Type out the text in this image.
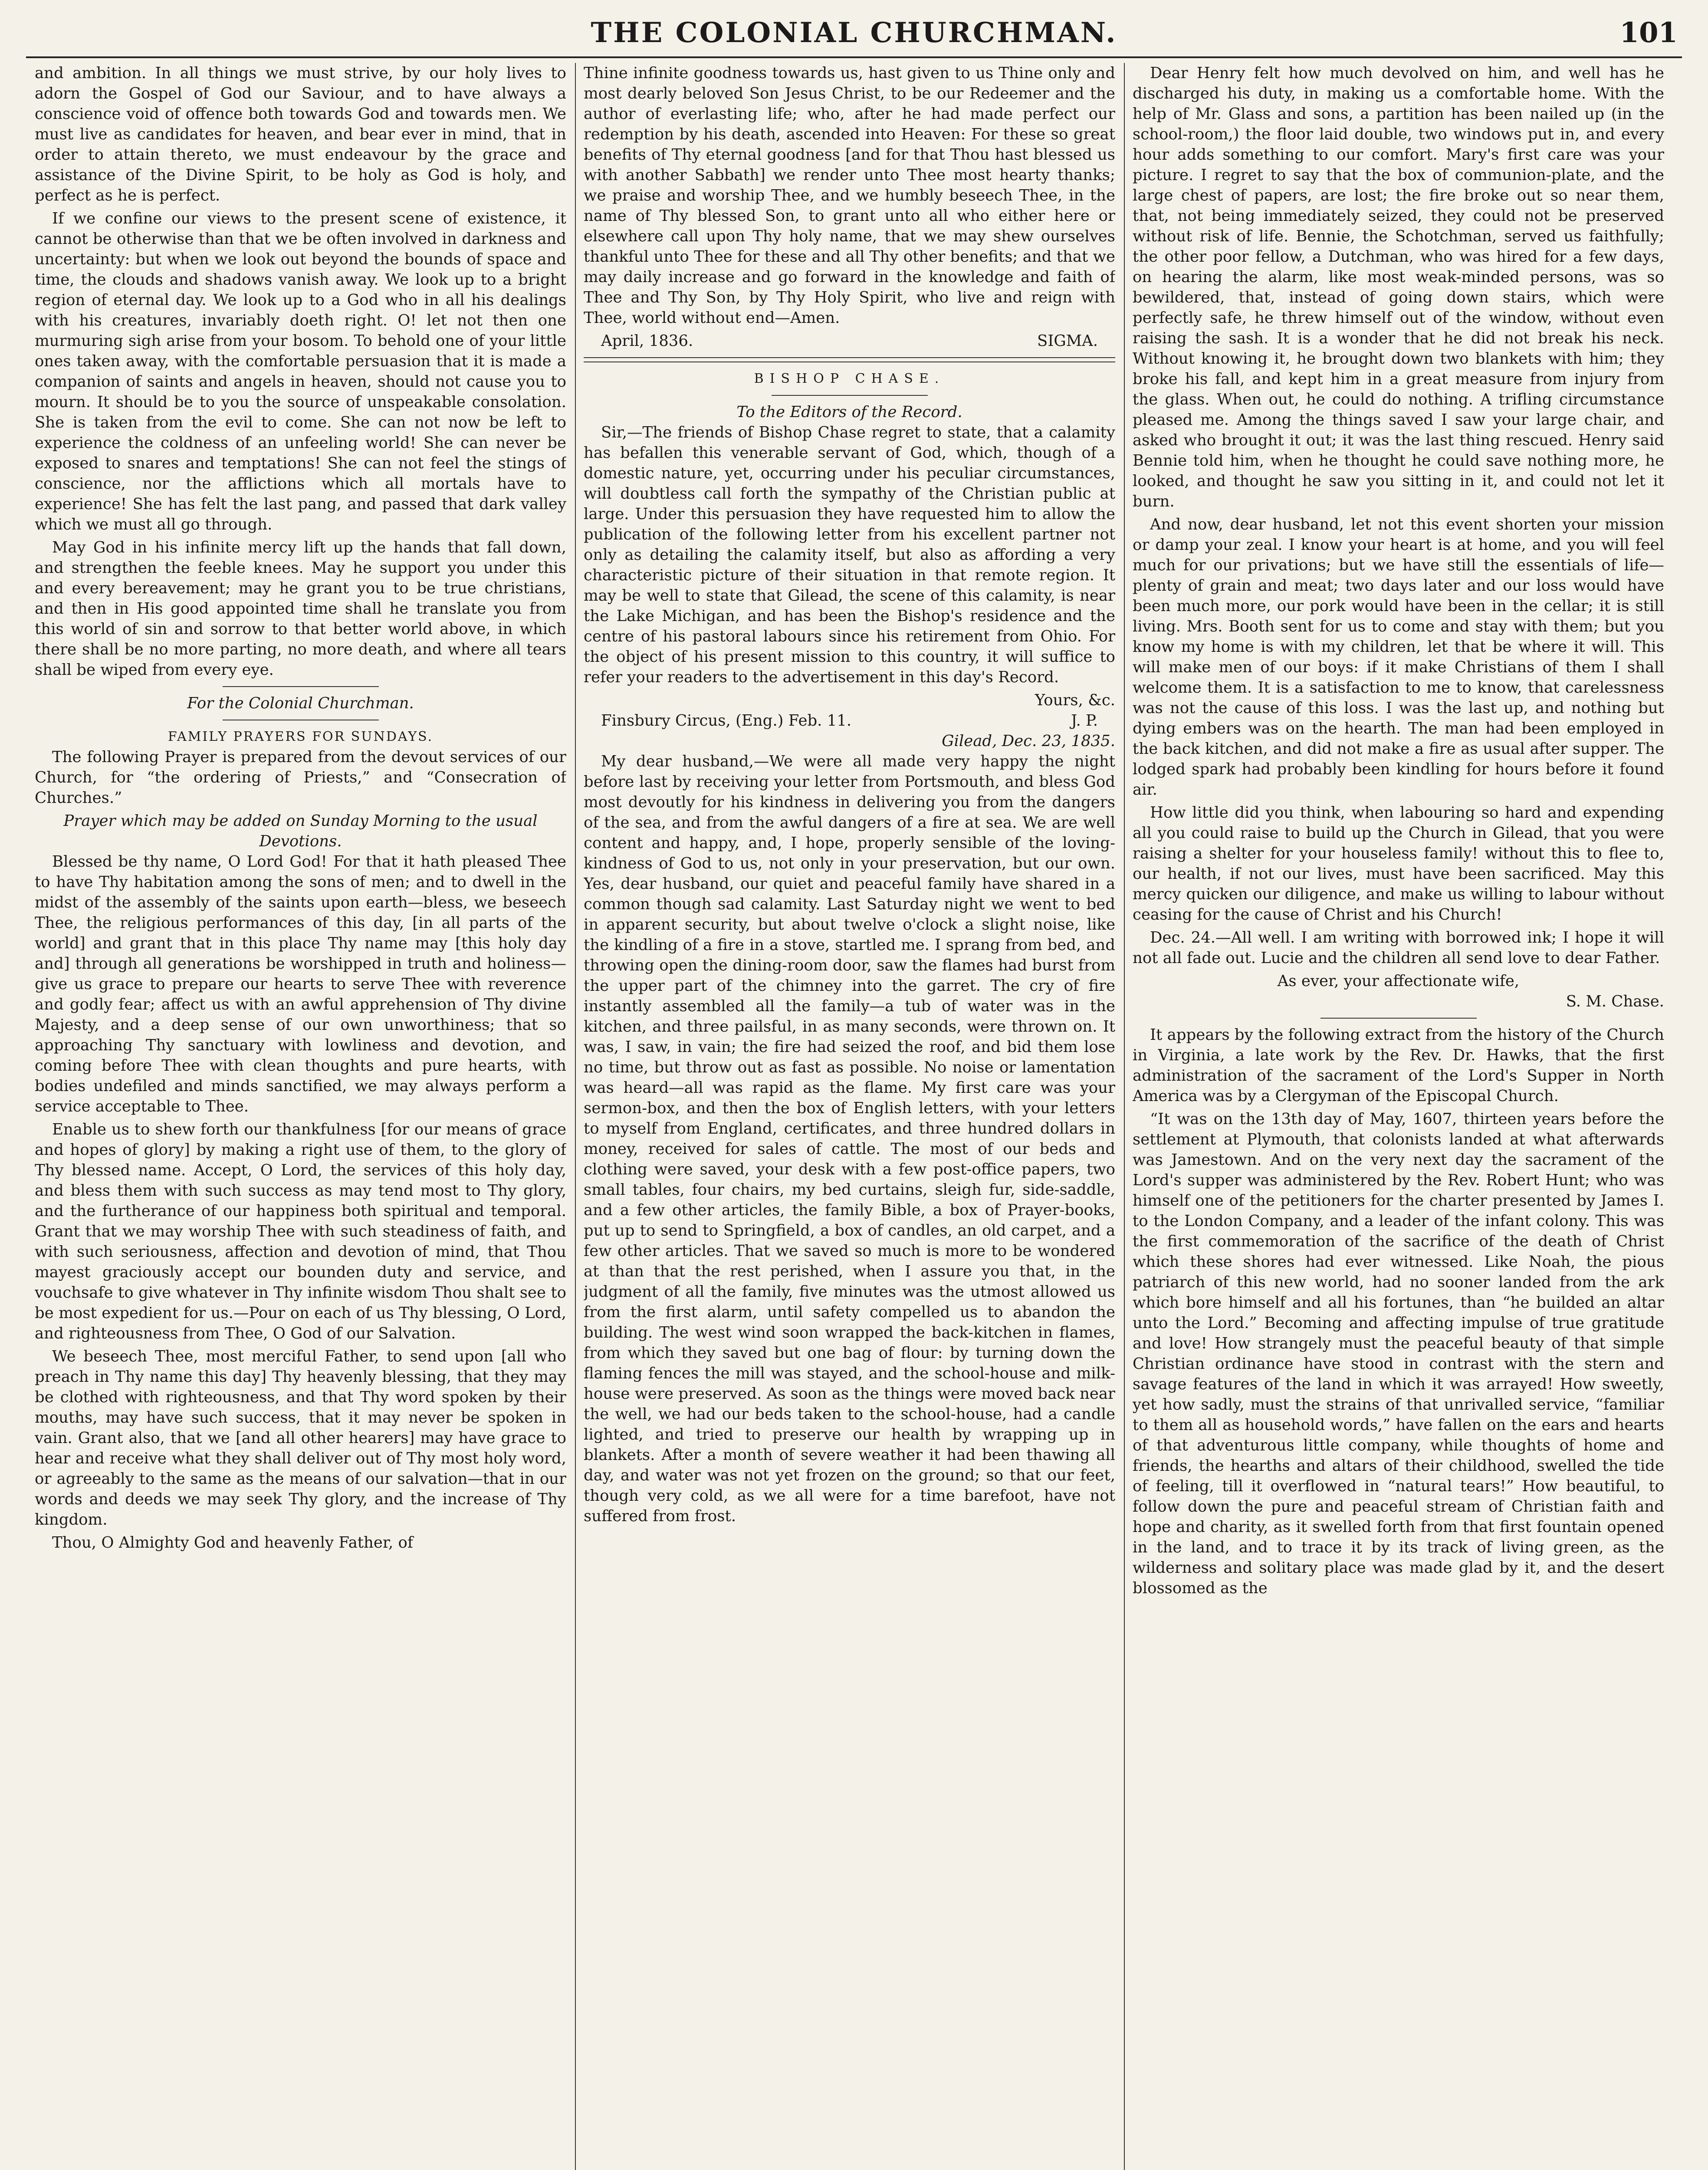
THE COLONIAL CHURCHMAN.	101

and ambition. In all things we must strive, by our holy lives to adorn the Gospel of God our Saviour, and to have always a conscience void of offence both towards God and towards men. We must live as candidates for heaven, and bear ever in mind, that in order to attain thereto, we must endeavour by the grace and assistance of the Divine Spirit, to be holy as God is holy, and perfect as he is perfect.

If we confine our views to the present scene of existence, it cannot be otherwise than that we be often involved in darkness and uncertainty: but when we look out beyond the bounds of space and time, the clouds and shadows vanish away. We look up to a bright region of eternal day. We look up to a God who in all his dealings with his creatures, invariably doeth right. O! let not then one murmuring sigh arise from your bosom. To behold one of your little ones taken away, with the comfortable persuasion that it is made a companion of saints and angels in heaven, should not cause you to mourn. It should be to you the source of unspeakable consolation. She is taken from the evil to come. She can not now be left to experience the coldness of an unfeeling world! She can never be exposed to snares and temptations! She can not feel the stings of conscience, nor the afflictions which all mortals have to experience! She has felt the last pang, and passed that dark valley which we must all go through.

May God in his infinite mercy lift up the hands that fall down, and strengthen the feeble knees. May he support you under this and every bereavement; may he grant you to be true christians, and then in His good appointed time shall he translate you from this world of sin and sorrow to that better world above, in which there shall be no more parting, no more death, and where all tears shall be wiped from every eye.

For the Colonial Churchman.

FAMILY PRAYERS FOR SUNDAYS.

The following Prayer is prepared from the devout services of our Church, for “the ordering of Priests,” and “Consecration of Churches.”

Prayer which may be added on Sunday Morning to the usual Devotions.

Blessed be thy name, O Lord God! For that it hath pleased Thee to have Thy habitation among the sons of men; and to dwell in the midst of the assembly of the saints upon earth—bless, we beseech Thee, the religious performances of this day, [in all parts of the world] and grant that in this place Thy name may [this holy day and] through all generations be worshipped in truth and holiness—give us grace to prepare our hearts to serve Thee with reverence and godly fear; affect us with an awful apprehension of Thy divine Majesty, and a deep sense of our own unworthiness; that so approaching Thy sanctuary with lowliness and devotion, and coming before Thee with clean thoughts and pure hearts, with bodies undefiled and minds sanctified, we may always perform a service acceptable to Thee.

Enable us to shew forth our thankfulness [for our means of grace and hopes of glory] by making a right use of them, to the glory of Thy blessed name. Accept, O Lord, the services of this holy day, and bless them with such success as may tend most to Thy glory, and the furtherance of our happiness both spiritual and temporal. Grant that we may worship Thee with such steadiness of faith, and with such seriousness, affection and devotion of mind, that Thou mayest graciously accept our bounden duty and service, and vouchsafe to give whatever in Thy infinite wisdom Thou shalt see to be most expedient for us.—Pour on each of us Thy blessing, O Lord, and righteousness from Thee, O God of our Salvation.

We beseech Thee, most merciful Father, to send upon [all who preach in Thy name this day] Thy heavenly blessing, that they may be clothed with righteousness, and that Thy word spoken by their mouths, may have such success, that it may never be spoken in vain. Grant also, that we [and all other hearers] may have grace to hear and receive what they shall deliver out of Thy most holy word, or agreeably to the same as the means of our salvation—that in our words and deeds we may seek Thy glory, and the increase of Thy kingdom.

Thou, O Almighty God and heavenly Father, of

Thine infinite goodness towards us, hast given to us Thine only and most dearly beloved Son Jesus Christ, to be our Redeemer and the author of everlasting life; who, after he had made perfect our redemption by his death, ascended into Heaven: For these so great benefits of Thy eternal goodness [and for that Thou hast blessed us with another Sabbath] we render unto Thee most hearty thanks; we praise and worship Thee, and we humbly beseech Thee, in the name of Thy blessed Son, to grant unto all who either here or elsewhere call upon Thy holy name, that we may shew ourselves thankful unto Thee for these and all Thy other benefits; and that we may daily increase and go forward in the knowledge and faith of Thee and Thy Son, by Thy Holy Spirit, who live and reign with Thee, world without end—Amen.

April, 1836.	SIGMA.

BISHOP CHASE.

To the Editors of the Record.

Sir,—The friends of Bishop Chase regret to state, that a calamity has befallen this venerable servant of God, which, though of a domestic nature, yet, occurring under his peculiar circumstances, will doubtless call forth the sympathy of the Christian public at large. Under this persuasion they have requested him to allow the publication of the following letter from his excellent partner not only as detailing the calamity itself, but also as affording a very characteristic picture of their situation in that remote region. It may be well to state that Gilead, the scene of this calamity, is near the Lake Michigan, and has been the Bishop's residence and the centre of his pastoral labours since his retirement from Ohio. For the object of his present mission to this country, it will suffice to refer your readers to the advertisement in this day's Record.

Yours, &c.

Finsbury Circus, (Eng.) Feb. 11.	J. P.

Gilead, Dec. 23, 1835.

My dear husband,—We were all made very happy the night before last by receiving your letter from Portsmouth, and bless God most devoutly for his kindness in delivering you from the dangers of the sea, and from the awful dangers of a fire at sea. We are well content and happy, and, I hope, properly sensible of the loving-kindness of God to us, not only in your preservation, but our own. Yes, dear husband, our quiet and peaceful family have shared in a common though sad calamity. Last Saturday night we went to bed in apparent security, but about twelve o'clock a slight noise, like the kindling of a fire in a stove, startled me. I sprang from bed, and throwing open the dining-room door, saw the flames had burst from the upper part of the chimney into the garret. The cry of fire instantly assembled all the family—a tub of water was in the kitchen, and three pailsful, in as many seconds, were thrown on. It was, I saw, in vain; the fire had seized the roof, and bid them lose no time, but throw out as fast as possible. No noise or lamentation was heard—all was rapid as the flame. My first care was your sermon-box, and then the box of English letters, with your letters to myself from England, certificates, and three hundred dollars in money, received for sales of cattle. The most of our beds and clothing were saved, your desk with a few post-office papers, two small tables, four chairs, my bed curtains, sleigh fur, side-saddle, and a few other articles, the family Bible, a box of Prayer-books, put up to send to Springfield, a box of candles, an old carpet, and a few other articles. That we saved so much is more to be wondered at than that the rest perished, when I assure you that, in the judgment of all the family, five minutes was the utmost allowed us from the first alarm, until safety compelled us to abandon the building. The west wind soon wrapped the back-kitchen in flames, from which they saved but one bag of flour: by turning down the flaming fences the mill was stayed, and the school-house and milk-house were preserved. As soon as the things were moved back near the well, we had our beds taken to the school-house, had a candle lighted, and tried to preserve our health by wrapping up in blankets. After a month of severe weather it had been thawing all day, and water was not yet frozen on the ground; so that our feet, though very cold, as we all were for a time barefoot, have not suffered from frost.

Dear Henry felt how much devolved on him, and well has he discharged his duty, in making us a comfortable home. With the help of Mr. Glass and sons, a partition has been nailed up (in the school-room,) the floor laid double, two windows put in, and every hour adds something to our comfort. Mary's first care was your picture. I regret to say that the box of communion-plate, and the large chest of papers, are lost; the fire broke out so near them, that, not being immediately seized, they could not be preserved without risk of life. Bennie, the Schotchman, served us faithfully; the other poor fellow, a Dutchman, who was hired for a few days, on hearing the alarm, like most weak-minded persons, was so bewildered, that, instead of going down stairs, which were perfectly safe, he threw himself out of the window, without even raising the sash. It is a wonder that he did not break his neck. Without knowing it, he brought down two blankets with him; they broke his fall, and kept him in a great measure from injury from the glass. When out, he could do nothing. A trifling circumstance pleased me. Among the things saved I saw your large chair, and asked who brought it out; it was the last thing rescued. Henry said Bennie told him, when he thought he could save nothing more, he looked, and thought he saw you sitting in it, and could not let it burn.

And now, dear husband, let not this event shorten your mission or damp your zeal. I know your heart is at home, and you will feel much for our privations; but we have still the essentials of life—plenty of grain and meat; two days later and our loss would have been much more, our pork would have been in the cellar; it is still living. Mrs. Booth sent for us to come and stay with them; but you know my home is with my children, let that be where it will. This will make men of our boys: if it make Christians of them I shall welcome them. It is a satisfaction to me to know, that carelessness was not the cause of this loss. I was the last up, and nothing but dying embers was on the hearth. The man had been employed in the back kitchen, and did not make a fire as usual after supper. The lodged spark had probably been kindling for hours before it found air.

How little did you think, when labouring so hard and expending all you could raise to build up the Church in Gilead, that you were raising a shelter for your houseless family! without this to flee to, our health, if not our lives, must have been sacrificed. May this mercy quicken our diligence, and make us willing to labour without ceasing for the cause of Christ and his Church!

Dec. 24.—All well. I am writing with borrowed ink; I hope it will not all fade out. Lucie and the children all send love to dear Father.

As ever, your affectionate wife,

S. M. Chase.

It appears by the following extract from the history of the Church in Virginia, a late work by the Rev. Dr. Hawks, that the first administration of the sacrament of the Lord's Supper in North America was by a Clergyman of the Episcopal Church.

“It was on the 13th day of May, 1607, thirteen years before the settlement at Plymouth, that colonists landed at what afterwards was Jamestown. And on the very next day the sacrament of the Lord's supper was administered by the Rev. Robert Hunt; who was himself one of the petitioners for the charter presented by James I. to the London Company, and a leader of the infant colony. This was the first commemoration of the sacrifice of the death of Christ which these shores had ever witnessed. Like Noah, the pious patriarch of this new world, had no sooner landed from the ark which bore himself and all his fortunes, than “he builded an altar unto the Lord.” Becoming and affecting impulse of true gratitude and love! How strangely must the peaceful beauty of that simple Christian ordinance have stood in contrast with the stern and savage features of the land in which it was arrayed! How sweetly, yet how sadly, must the strains of that unrivalled service, “familiar to them all as household words,” have fallen on the ears and hearts of that adventurous little company, while thoughts of home and friends, the hearths and altars of their childhood, swelled the tide of feeling, till it overflowed in “natural tears!” How beautiful, to follow down the pure and peaceful stream of Christian faith and hope and charity, as it swelled forth from that first fountain opened in the land, and to trace it by its track of living green, as the wilderness and solitary place was made glad by it, and the desert blossomed as the
